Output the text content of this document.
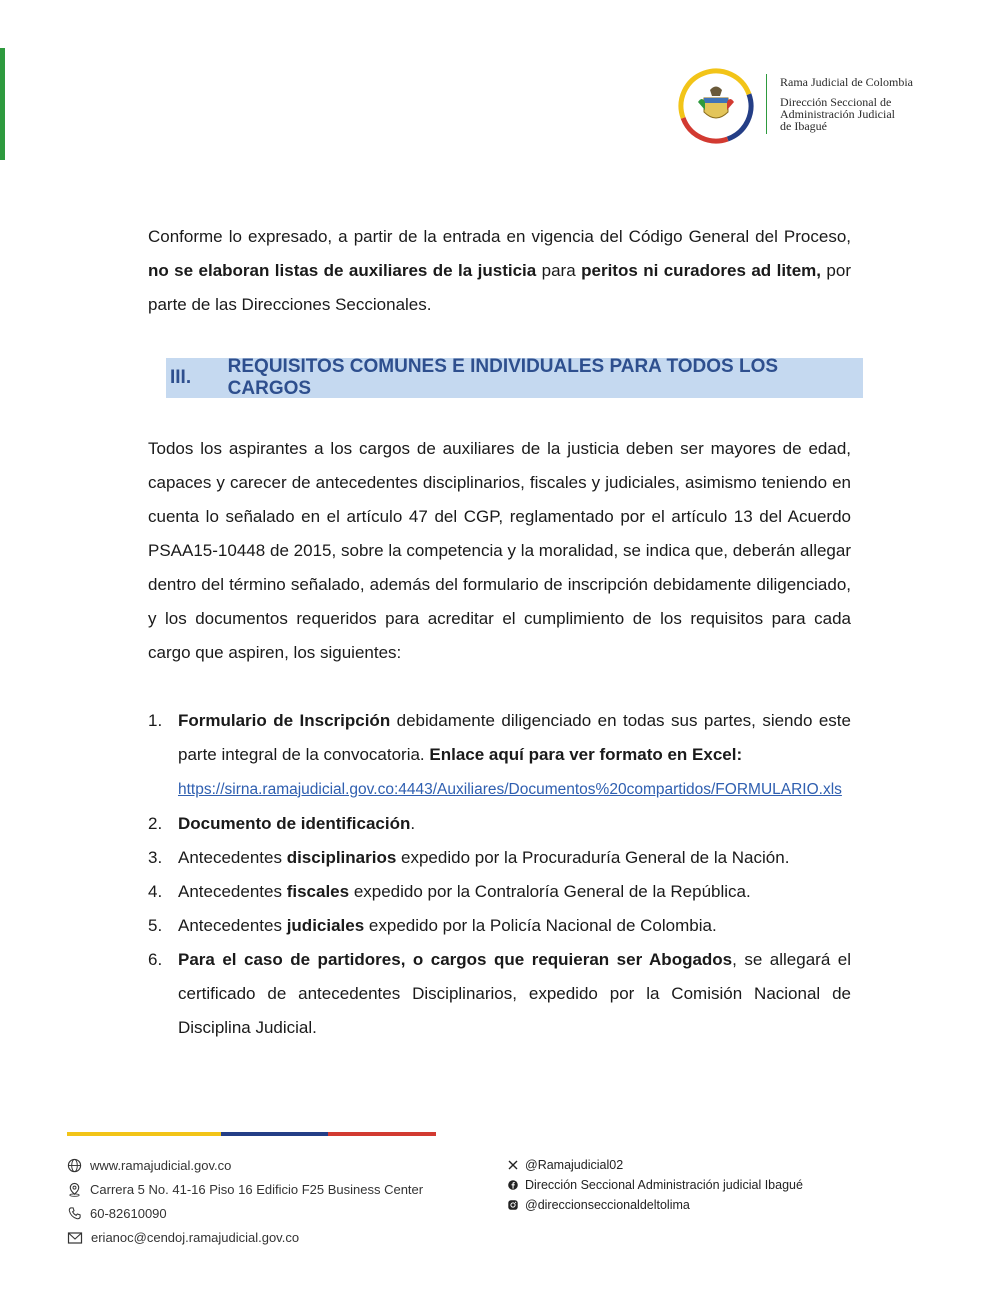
Rama Judicial de Colombia
Dirección Seccional de
Administración Judicial
de Ibagué
Conforme lo expresado, a partir de la entrada en vigencia del Código General del Proceso, no se elaboran listas de auxiliares de la justicia para peritos ni curadores ad litem, por parte de las Direcciones Seccionales.
III.
REQUISITOS COMUNES E INDIVIDUALES PARA TODOS LOS CARGOS
Todos los aspirantes a los cargos de auxiliares de la justicia deben ser mayores de edad, capaces y carecer de antecedentes disciplinarios, fiscales y judiciales, asimismo teniendo en cuenta lo señalado en el artículo 47 del CGP, reglamentado por el artículo 13 del Acuerdo PSAA15-10448 de 2015, sobre la competencia y la moralidad, se indica que, deberán allegar dentro del término señalado, además del formulario de inscripción debidamente diligenciado, y los documentos requeridos para acreditar el cumplimiento de los requisitos para cada cargo que aspiren, los siguientes:
1. Formulario de Inscripción debidamente diligenciado en todas sus partes, siendo este parte integral de la convocatoria. Enlace aquí para ver formato en Excel:
https://sirna.ramajudicial.gov.co:4443/Auxiliares/Documentos%20compartidos/FORMULARIO.xls
2. Documento de identificación.
3. Antecedentes disciplinarios expedido por la Procuraduría General de la Nación.
4. Antecedentes fiscales expedido por la Contraloría General de la República.
5. Antecedentes judiciales expedido por la Policía Nacional de Colombia.
6. Para el caso de partidores, o cargos que requieran ser Abogados, se allegará el certificado de antecedentes Disciplinarios, expedido por la Comisión Nacional de Disciplina Judicial.
www.ramajudicial.gov.co
Carrera 5 No. 41-16 Piso 16 Edificio F25 Business Center
60-82610090
erianoc@cendoj.ramajudicial.gov.co
@Ramajudicial02
Dirección Seccional Administración judicial Ibagué
@direccionseccionaldeltolima
